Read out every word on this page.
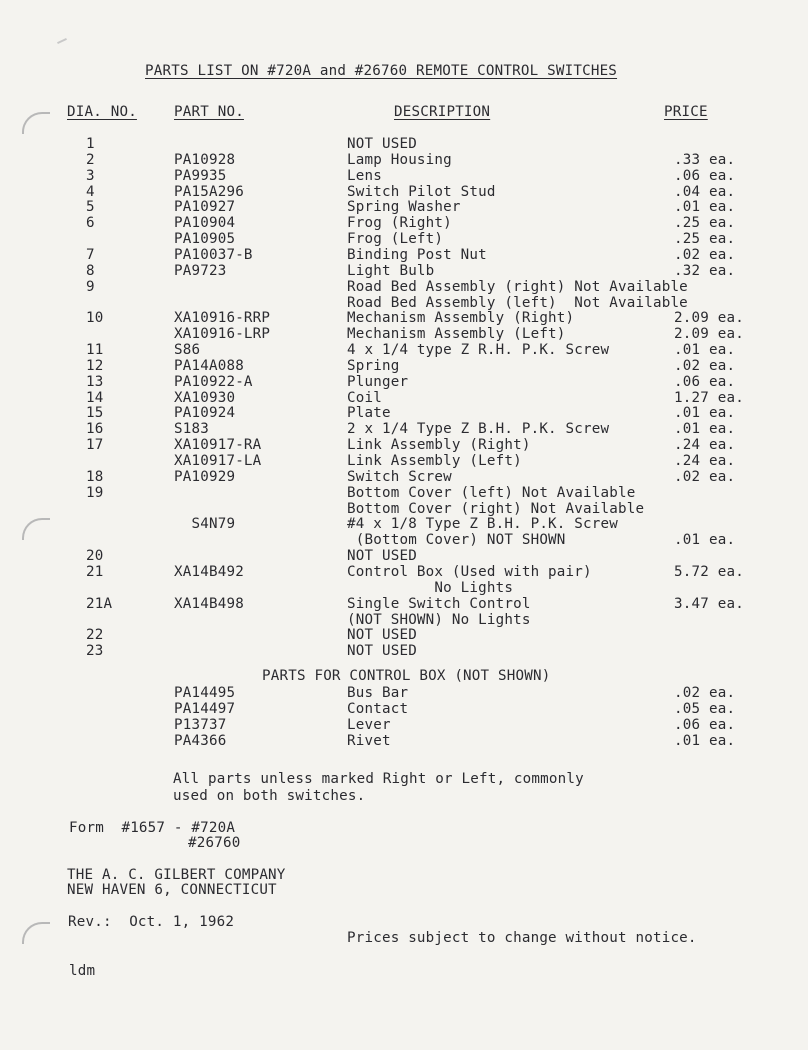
PARTS LIST ON #720A and #26760 REMOTE CONTROL SWITCHES
DIA. NO.	PART NO.	DESCRIPTION	PRICE
1	NOT USED
2	PA10928	Lamp Housing	.33 ea.
3	PA9935	Lens	.06 ea.
4	PA15A296	Switch Pilot Stud	.04 ea.
5	PA10927	Spring Washer	.01 ea.
6	PA10904	Frog (Right)	.25 ea.
PA10905	Frog (Left)	.25 ea.
7	PA10037-B	Binding Post Nut	.02 ea.
8	PA9723	Light Bulb	.32 ea.
9	Road Bed Assembly (right) Not Available
Road Bed Assembly (left)  Not Available
10	XA10916-RRP	Mechanism Assembly (Right)	2.09 ea.
XA10916-LRP	Mechanism Assembly (Left)	2.09 ea.
11	S86	4 x 1/4 type Z R.H. P.K. Screw	.01 ea.
12	PA14A088	Spring	.02 ea.
13	PA10922-A	Plunger	.06 ea.
14	XA10930	Coil	1.27 ea.
15	PA10924	Plate	.01 ea.
16	S183	2 x 1/4 Type Z B.H. P.K. Screw	.01 ea.
17	XA10917-RA	Link Assembly (Right)	.24 ea.
XA10917-LA	Link Assembly (Left)	.24 ea.
18	PA10929	Switch Screw	.02 ea.
19	Bottom Cover (left) Not Available
Bottom Cover (right) Not Available
S4N79	#4 x 1/8 Type Z B.H. P.K. Screw
(Bottom Cover) NOT SHOWN	.01 ea.
20	NOT USED
21	XA14B492	Control Box (Used with pair)	5.72 ea.
No Lights
21A	XA14B498	Single Switch Control	3.47 ea.
(NOT SHOWN) No Lights
22	NOT USED
23	NOT USED
PARTS FOR CONTROL BOX (NOT SHOWN)
PA14495	Bus Bar	.02 ea.
PA14497	Contact	.05 ea.
P13737	Lever	.06 ea.
PA4366	Rivet	.01 ea.
All parts unless marked Right or Left, commonly
used on both switches.
Form  #1657 - #720A
#26760
THE A. C. GILBERT COMPANY
NEW HAVEN 6, CONNECTICUT
Rev.:  Oct. 1, 1962
Prices subject to change without notice.
ldm
